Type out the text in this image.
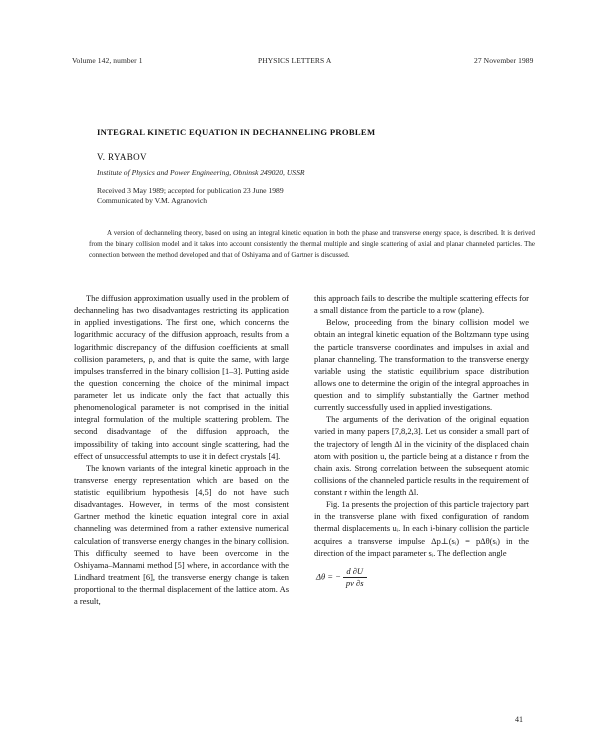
Volume 142, number 1	PHYSICS LETTERS A	27 November 1989
INTEGRAL KINETIC EQUATION IN DECHANNELING PROBLEM
V. RYABOV
Institute of Physics and Power Engineering, Obninsk 249020, USSR
Received 3 May 1989; accepted for publication 23 June 1989
Communicated by V.M. Agranovich
A version of dechanneling theory, based on using an integral kinetic equation in both the phase and transverse energy space, is described. It is derived from the binary collision model and it takes into account consistently the thermal multiple and single scattering of axial and planar channeled particles. The connection between the method developed and that of Oshiyama and of Gartner is discussed.

The diffusion approximation usually used in the problem of dechanneling has two disadvantages restricting its application in applied investigations. The first one, which concerns the logarithmic accuracy of the diffusion approach, results from a logarithmic discrepancy of the diffusion coefficients at small collision parameters, ρ, and that is quite the same, with large impulses transferred in the binary collision [1–3]. Putting aside the question concerning the choice of the minimal impact parameter let us indicate only the fact that actually this phenomenological parameter is not comprised in the initial integral formulation of the multiple scattering problem. The second disadvantage of the diffusion approach, the impossibility of taking into account single scattering, had the effect of unsuccessful attempts to use it in defect crystals [4].

The known variants of the integral kinetic approach in the transverse energy representation which are based on the statistic equilibrium hypothesis [4,5] do not have such disadvantages. However, in terms of the most consistent Gartner method the kinetic equation integral core in axial channeling was determined from a rather extensive numerical calculation of transverse energy changes in the binary collision. This difficulty seemed to have been overcome in the Oshiyama–Mannami method [5] where, in accordance with the Lindhard treatment [6], the transverse energy change is taken proportional to the thermal displacement of the lattice atom. As a result,

this approach fails to describe the multiple scattering effects for a small distance from the particle to a row (plane).

Below, proceeding from the binary collision model we obtain an integral kinetic equation of the Boltzmann type using the particle transverse coordinates and impulses in axial and planar channeling. The transformation to the transverse energy variable using the statistic equilibrium space distribution allows one to determine the origin of the integral approaches in question and to simplify substantially the Gartner method currently successfully used in applied investigations.

The arguments of the derivation of the original equation varied in many papers [7,8,2,3]. Let us consider a small part of the trajectory of length Δl in the vicinity of the displaced chain atom with position u, the particle being at a distance r from the chain axis. Strong correlation between the subsequent atomic collisions of the channeled particle results in the requirement of constant r within the length Δl.

Fig. 1a presents the projection of this particle trajectory part in the transverse plane with fixed configuration of random thermal displacements uᵢ. In each i-binary collision the particle acquires a transverse impulse Δp⊥(sᵢ) = pΔθ(sᵢ) in the direction of the impact parameter sᵢ. The deflection angle

Δθ = − $\frac{d \partial U}{pv \partial s}$
41
